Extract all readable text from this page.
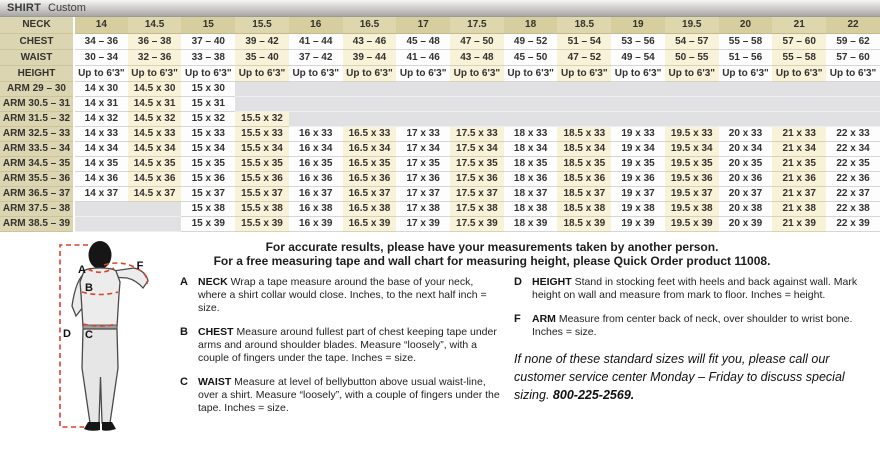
SHIRT Custom
NECK	14	14.5	15	15.5	16	16.5	17	17.5	18	18.5	19	19.5	20	21	22
CHEST	34 – 36	36 – 38	37 – 40	39 – 42	41 – 44	43 – 46	45 – 48	47 – 50	49 – 52	51 – 54	53 – 56	54 – 57	55 – 58	57 – 60	59 – 62
WAIST	30 – 34	32 – 36	33 – 38	35 – 40	37 – 42	39 – 44	41 – 46	43 – 48	45 – 50	47 – 52	49 – 54	50 – 55	51 – 56	55 – 58	57 – 60
HEIGHT	Up to 6'3"	Up to 6'3"	Up to 6'3"	Up to 6'3"	Up to 6'3"	Up to 6'3"	Up to 6'3"	Up to 6'3"	Up to 6'3"	Up to 6'3"	Up to 6'3"	Up to 6'3"	Up to 6'3"	Up to 6'3"	Up to 6'3"
ARM 29 – 30	14 x 30	14.5 x 30	15 x 30												
ARM 30.5 – 31	14 x 31	14.5 x 31	15 x 31												
ARM 31.5 – 32	14 x 32	14.5 x 32	15 x 32	15.5 x 32											
ARM 32.5 – 33	14 x 33	14.5 x 33	15 x 33	15.5 x 33	16 x 33	16.5 x 33	17 x 33	17.5 x 33	18 x 33	18.5 x 33	19 x 33	19.5 x 33	20 x 33	21 x 33	22 x 33
ARM 33.5 – 34	14 x 34	14.5 x 34	15 x 34	15.5 x 34	16 x 34	16.5 x 34	17 x 34	17.5 x 34	18 x 34	18.5 x 34	19 x 34	19.5 x 34	20 x 34	21 x 34	22 x 34
ARM 34.5 – 35	14 x 35	14.5 x 35	15 x 35	15.5 x 35	16 x 35	16.5 x 35	17 x 35	17.5 x 35	18 x 35	18.5 x 35	19 x 35	19.5 x 35	20 x 35	21 x 35	22 x 35
ARM 35.5 – 36	14 x 36	14.5 x 36	15 x 36	15.5 x 36	16 x 36	16.5 x 36	17 x 36	17.5 x 36	18 x 36	18.5 x 36	19 x 36	19.5 x 36	20 x 36	21 x 36	22 x 36
ARM 36.5 – 37	14 x 37	14.5 x 37	15 x 37	15.5 x 37	16 x 37	16.5 x 37	17 x 37	17.5 x 37	18 x 37	18.5 x 37	19 x 37	19.5 x 37	20 x 37	21 x 37	22 x 37
ARM 37.5 – 38			15 x 38	15.5 x 38	16 x 38	16.5 x 38	17 x 38	17.5 x 38	18 x 38	18.5 x 38	19 x 38	19.5 x 38	20 x 38	21 x 38	22 x 38
ARM 38.5 – 39			15 x 39	15.5 x 39	16 x 39	16.5 x 39	17 x 39	17.5 x 39	18 x 39	18.5 x 39	19 x 39	19.5 x 39	20 x 39	21 x 39	22 x 39
A
B
C
D
F
For accurate results, please have your measurements taken by another person.
For a free measuring tape and wall chart for measuring height, please Quick Order product 11008.
A NECK Wrap a tape measure around the base of your neck, where a shirt collar would close. Inches, to the next half inch = size.
B CHEST Measure around fullest part of chest keeping tape under arms and around shoulder blades. Measure “loosely”, with a couple of fingers under the tape. Inches = size.
C WAIST Measure at level of bellybutton above usual waist-line, over a shirt. Measure “loosely”, with a couple of fingers under the tape. Inches = size.
D HEIGHT Stand in stocking feet with heels and back against wall. Mark height on wall and measure from mark to floor. Inches = height.
F	ARM Measure from center back of neck, over shoulder to wrist bone. Inches = size.
If none of these standard sizes will fit you, please call our customer service center Monday – Friday to discuss special sizing. 800-225-2569.
